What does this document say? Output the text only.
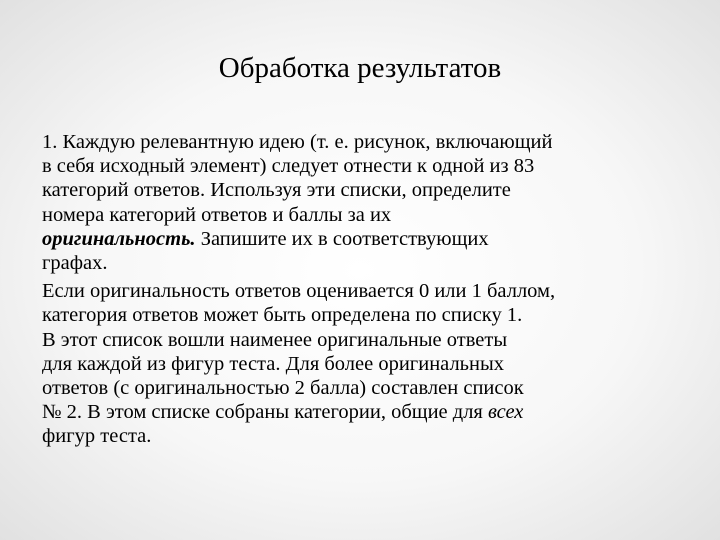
Обработка результатов

1. Каждую релевантную идею (т. е. рисунок, включающий
в себя исходный элемент) следует отнести к одной из 83
категорий ответов. Используя эти списки, определите
номера категорий ответов и баллы за их
оригинальность. Запишите их в соответствующих
графах.

Если оригинальность ответов оценивается 0 или 1 баллом,
категория ответов может быть определена по списку 1.
В этот список вошли наименее оригинальные ответы
для каждой из фигур теста. Для более оригинальных
ответов (с оригинальностью 2 балла) составлен список
№ 2. В этом списке собраны категории, общие для всех
фигур теста.
